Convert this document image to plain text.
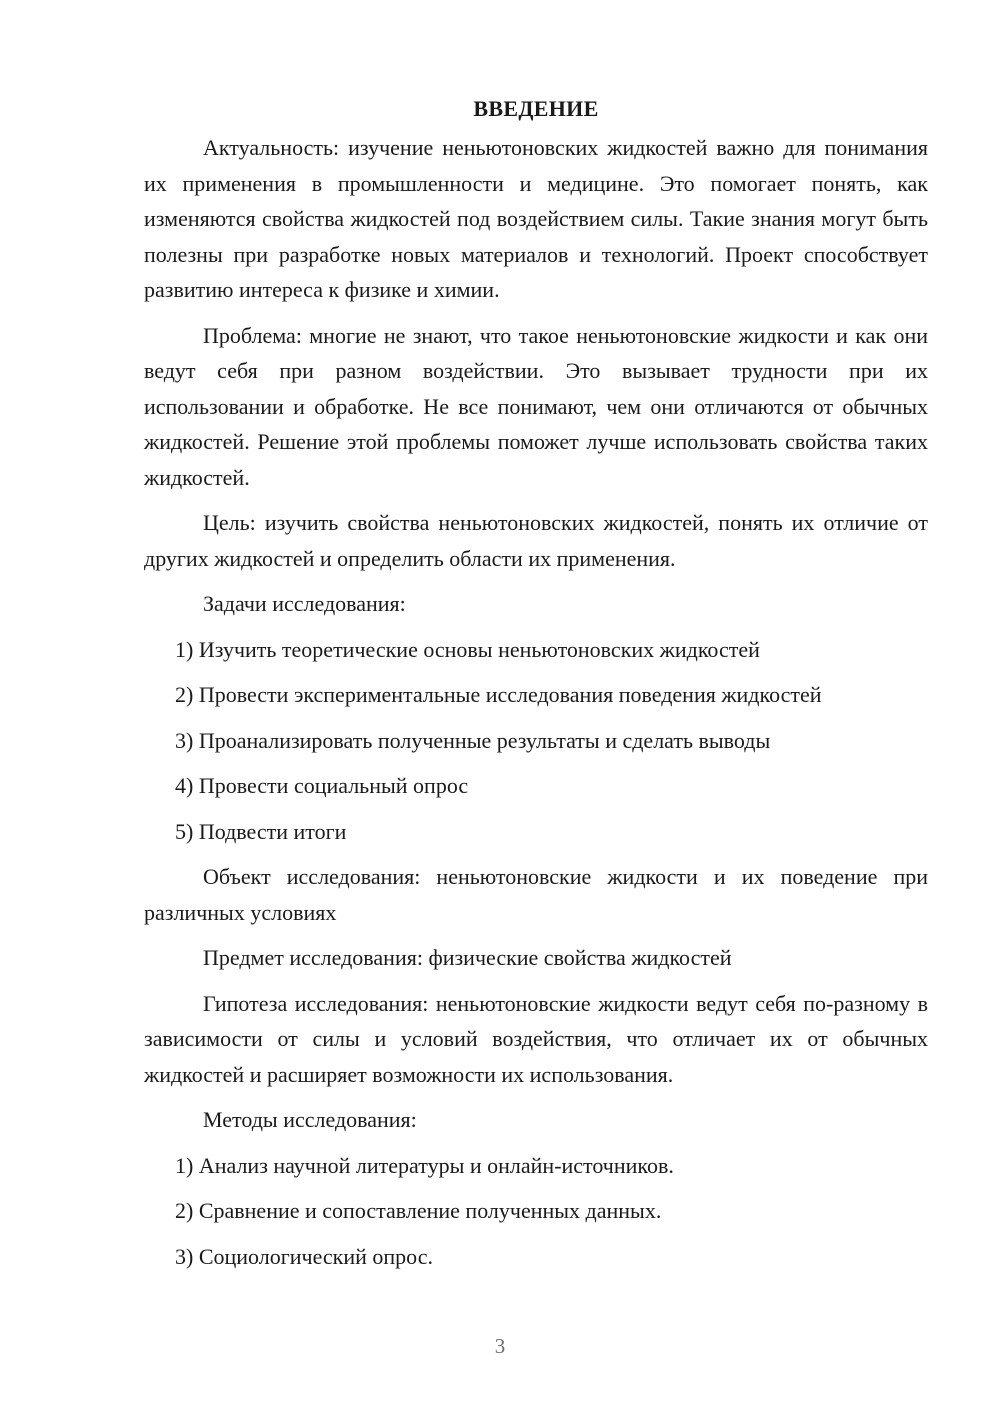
ВВЕДЕНИЕ

Актуальность: изучение неньютоновских жидкостей важно для понимания их применения в промышленности и медицине. Это помогает понять, как изменяются свойства жидкостей под воздействием силы. Такие знания могут быть полезны при разработке новых материалов и технологий. Проект способствует развитию интереса к физике и химии.

Проблема: многие не знают, что такое неньютоновские жидкости и как они ведут себя при разном воздействии. Это вызывает трудности при их использовании и обработке. Не все понимают, чем они отличаются от обычных жидкостей. Решение этой проблемы поможет лучше использовать свойства таких жидкостей.

Цель: изучить свойства неньютоновских жидкостей, понять их отличие от других жидкостей и определить области их применения.

Задачи исследования:
1) Изучить теоретические основы неньютоновских жидкостей
2) Провести экспериментальные исследования поведения жидкостей
3) Проанализировать полученные результаты и сделать выводы
4) Провести социальный опрос
5) Подвести итоги

Объект исследования: неньютоновские жидкости и их поведение при различных условиях

Предмет исследования: физические свойства жидкостей

Гипотеза исследования: неньютоновские жидкости ведут себя по-разному в зависимости от силы и условий воздействия, что отличает их от обычных жидкостей и расширяет возможности их использования.

Методы исследования:
1) Анализ научной литературы и онлайн-источников.
2) Сравнение и сопоставление полученных данных.
3) Социологический опрос.
3
